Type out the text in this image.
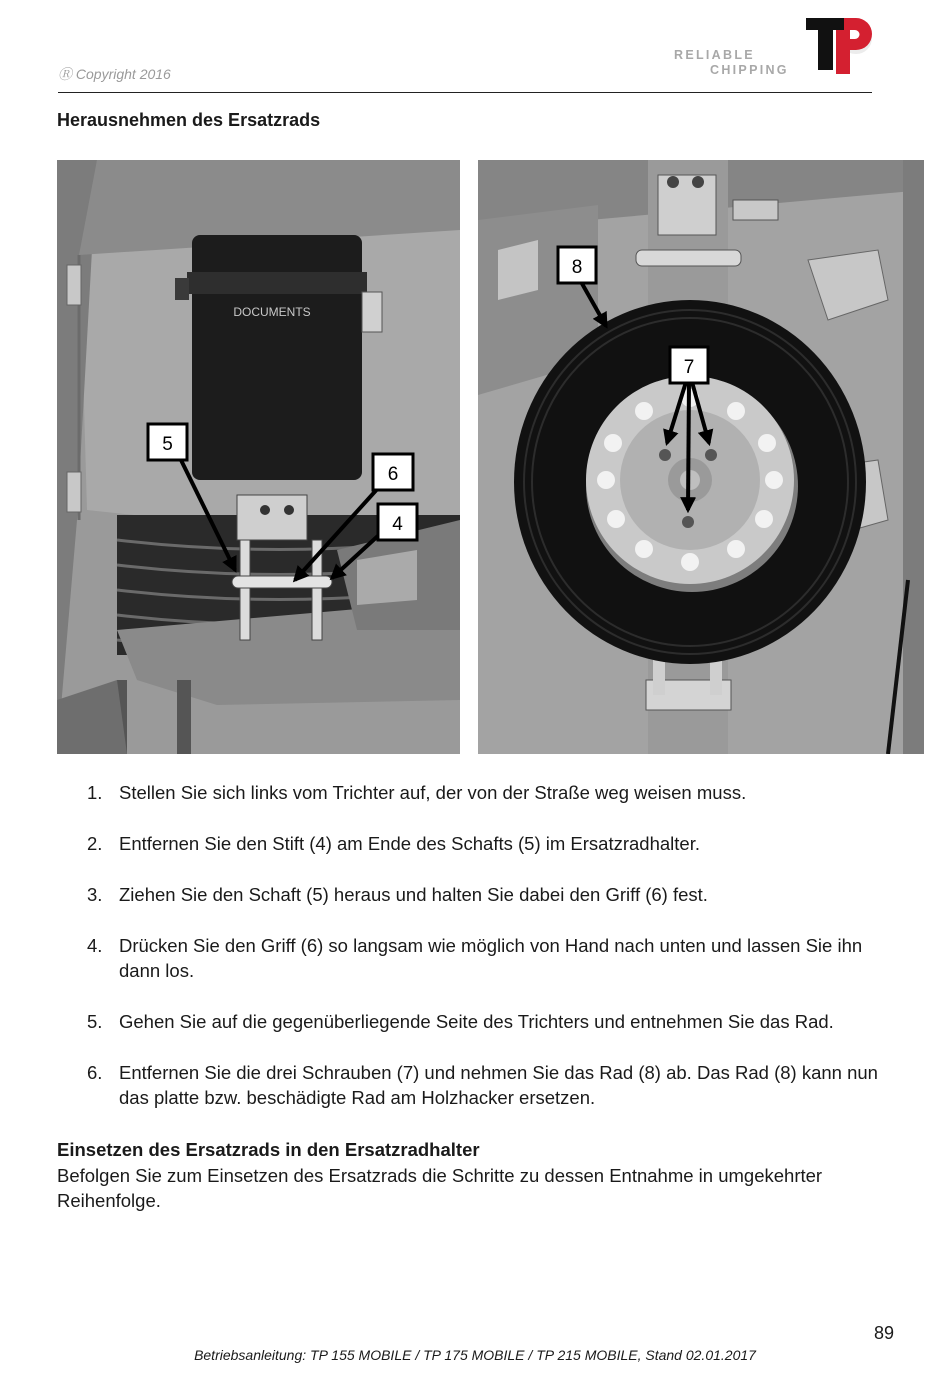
Ⓡ Copyright 2016
RELIABLE
CHIPPING
TP
Herausnehmen des Ersatzrads
DOCUMENTS
5
6
4
8
7
1. Stellen Sie sich links vom Trichter auf, der von der Straße weg weisen muss.
2. Entfernen Sie den Stift (4) am Ende des Schafts (5) im Ersatzradhalter.
3. Ziehen Sie den Schaft (5) heraus und halten Sie dabei den Griff (6) fest.
4. Drücken Sie den Griff (6) so langsam wie möglich von Hand nach unten und lassen Sie ihn dann los.
5. Gehen Sie auf die gegenüberliegende Seite des Trichters und entnehmen Sie das Rad.
6. Entfernen Sie die drei Schrauben (7) und nehmen Sie das Rad (8) ab. Das Rad (8) kann nun das platte bzw. beschädigte Rad am Holzhacker ersetzen.
Einsetzen des Ersatzrads in den Ersatzradhalter
Befolgen Sie zum Einsetzen des Ersatzrads die Schritte zu dessen Entnahme in umgekehrter Reihenfolge.
89
Betriebsanleitung: TP 155 MOBILE / TP 175 MOBILE / TP 215 MOBILE, Stand 02.01.2017
